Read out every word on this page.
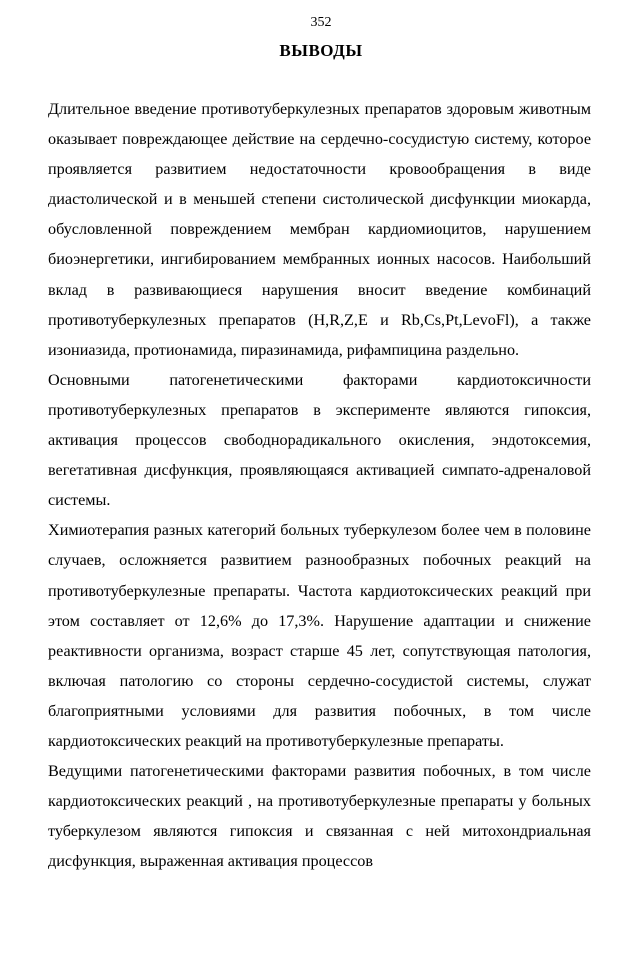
352
ВЫВОДЫ

Длительное введение противотуберкулезных препаратов здоровым животным оказывает повреждающее действие на сердечно-сосудистую систему, которое проявляется развитием недостаточности кровообращения в виде диастолической и в меньшей степени систолической дисфункции миокарда, обусловленной повреждением мембран кардиомиоцитов, нарушением биоэнергетики, ингибированием мембранных ионных насосов. Наибольший вклад в развивающиеся нарушения вносит введение комбинаций противотуберкулезных препаратов (H,R,Z,E и Rb,Cs,Pt,LevoFl), а также изониазида, протионамида, пиразинамида, рифампицина раздельно.

Основными патогенетическими факторами кардиотоксичности противотуберкулезных препаратов в эксперименте являются гипоксия, активация процессов свободнорадикального окисления, эндотоксемия, вегетативная дисфункция, проявляющаяся активацией симпато-адреналовой системы.

Химиотерапия разных категорий больных туберкулезом более чем в половине случаев, осложняется развитием разнообразных побочных реакций на противотуберкулезные препараты. Частота кардиотоксических реакций при этом составляет от 12,6% до 17,3%. Нарушение адаптации и снижение реактивности организма, возраст старше 45 лет, сопутствующая патология, включая патологию со стороны сердечно-сосудистой системы, служат благоприятными условиями для развития побочных, в том числе кардиотоксических реакций на противотуберкулезные препараты.

Ведущими патогенетическими факторами развития побочных, в том числе кардиотоксических реакций , на противотуберкулезные препараты у больных туберкулезом являются гипоксия и связанная с ней митохондриальная дисфункция, выраженная активация процессов
